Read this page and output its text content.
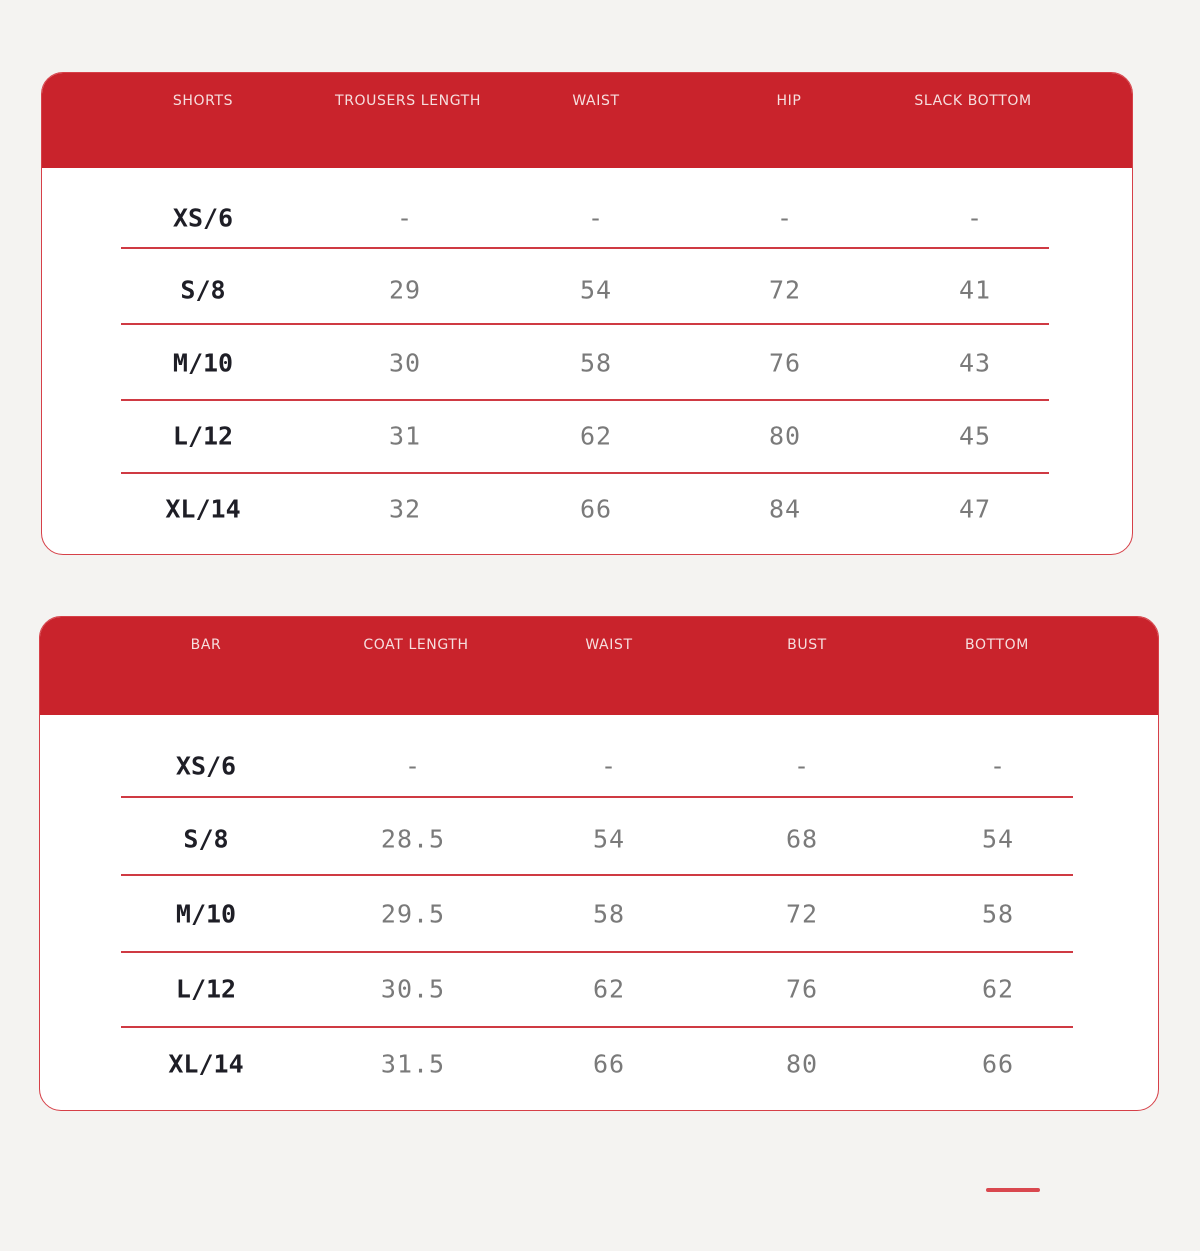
SHORTS	TROUSERS LENGTH	WAIST	HIP	SLACK BOTTOM
XS/6	-	-	-	-
S/8	29	54	72	41
M/10	30	58	76	43
L/12	31	62	80	45
XL/14	32	66	84	47
BAR	COAT LENGTH	WAIST	BUST	BOTTOM
XS/6	-	-	-	-
S/8	28.5	54	68	54
M/10	29.5	58	72	58
L/12	30.5	62	76	62
XL/14	31.5	66	80	66
